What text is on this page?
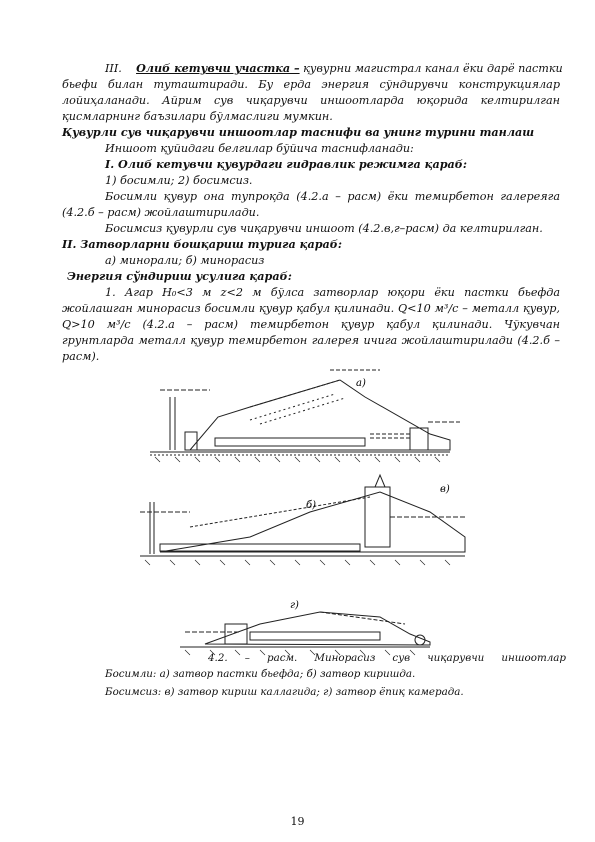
III. Олиб кетувчи участка – қувурни магистрал канал ёки дарё пастки
бьефи билан туташтиради. Бу ерда энергия сўндирувчи конструкциялар
лойиҳаланади. Айрим сув чиқарувчи иншоотларда юқорида келтирилган
қисмларнинг баъзилари бўлмаслиги мумкин.
Қувурли сув чиқарувчи иншоотлар таснифи ва унинг турини танлаш
Иншоот қуйидаги белгилар бўйича таснифланади:
I. Олиб кетувчи қувурдаги гидравлик режимга қараб:
1) босимли; 2) босимсиз.
Босимли қувур она тупроқда (4.2.а – расм) ёки темирбетон галереяга
(4.2.б – расм) жойлаштирилади.
Босимсиз қувурли сув чиқарувчи иншоот (4.2.в,г–расм) да келтирилган.
II. Затворларни бошқариш турига қараб:
а) минорали; б) минорасиз
Энергия сўндириш усулига қараб:
1. Агар H₀<3 м z<2 м бўлса затворлар юқори ёки пастки бьефда
жойлашган минорасиз босимли қувур қабул қилинади. Q<10 м³/с – металл қувур,
Q>10 м³/с (4.2.а – расм) темирбетон қувур қабул қилинади. Чўкувчан
грунтларда металл қувур темирбетон галерея ичига жойлаштирилади (4.2.б –
расм).
а)
б)
в)
г)
4.2. – расм. Минорасиз сув чиқарувчи иншоотлар
Босимли: а) затвор пастки бьефда; б) затвор киришда.
Босимсиз: в) затвор кириш каллагида; г) затвор ёпиқ камерада.
19
